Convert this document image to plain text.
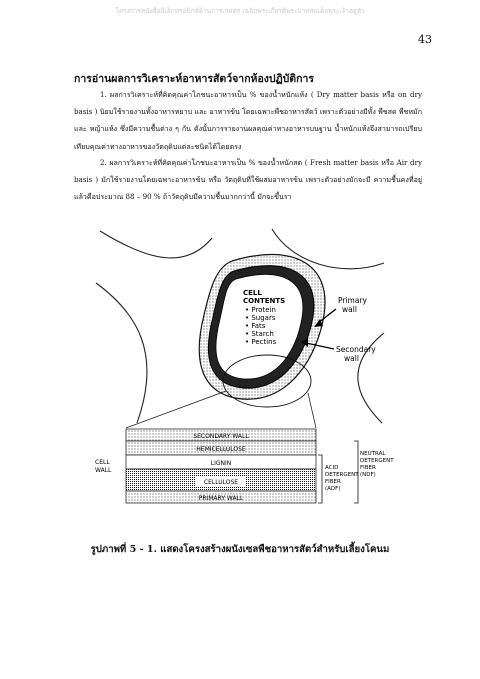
โครงการหนังสืออิเล็กทรอนิกส์ด้านการเกษตร เฉลิมพระเกียรติพระบาทสมเด็จพระเจ้าอยู่หัว
43
การอ่านผลการวิเคราะห์อาหารสัตว์จากห้องปฏิบัติการ

1. ผลการวิเคราะห์ที่คิดคุณค่าโภชนะอาหารเป็น % ของน้ำหนักแห้ง ( Dry matter basis หรือ on dry basis ) นิยมใช้รายงานทั้งอาหารหยาบ และ อาหารข้น โดยเฉพาะพืชอาหารสัตว์ เพราะตัวอย่างมีทั้ง พืชสด พืชหมัก และ หญ้าแห้ง ซึ่งมีความชื้นต่าง ๆ กัน ดังนั้นการรายงานผลคุณค่าทางอาหารบนฐาน น้ำหนักแห้งจึงสามารถเปรียบเทียบคุณค่าทางอาหารของวัตถุดิบแต่ละชนิดได้โดยตรง

2. ผลการวิเคราะห์ที่คิดคุณค่าโภชนะอาหารเป็น % ของน้ำหนักสด ( Fresh matter basis หรือ Air dry basis ) มักใช้รายงานโดยเฉพาะอาหารข้น หรือ วัตถุดิบที่ใช้ผสมอาหารข้น เพราะตัวอย่างมักจะมี ความชื้นคงที่อยู่แล้วคือประมาณ 88 – 90 % ถ้าวัตถุดิบมีความชื้นมากกว่านี้ มักจะขึ้นรา

CELL
CONTENTS
• Protein
• Sugars
• Fats
• Starch
• Pectins
Primary
wall
Secondary
wall
SECONDARY WALL
HEMICELLULOSE
LIGNIN
CELLULOSE
PRIMARY WALL
CELL
WALL	ACID
DETERGENT
FIBER
(ADF)
NEUTRAL
DETERGENT
FIBER
(NDF)
รูปภาพที่ 5 - 1. แสดงโครงสร้างผนังเซลพืชอาหารสัตว์สำหรับเลี้ยงโคนม
